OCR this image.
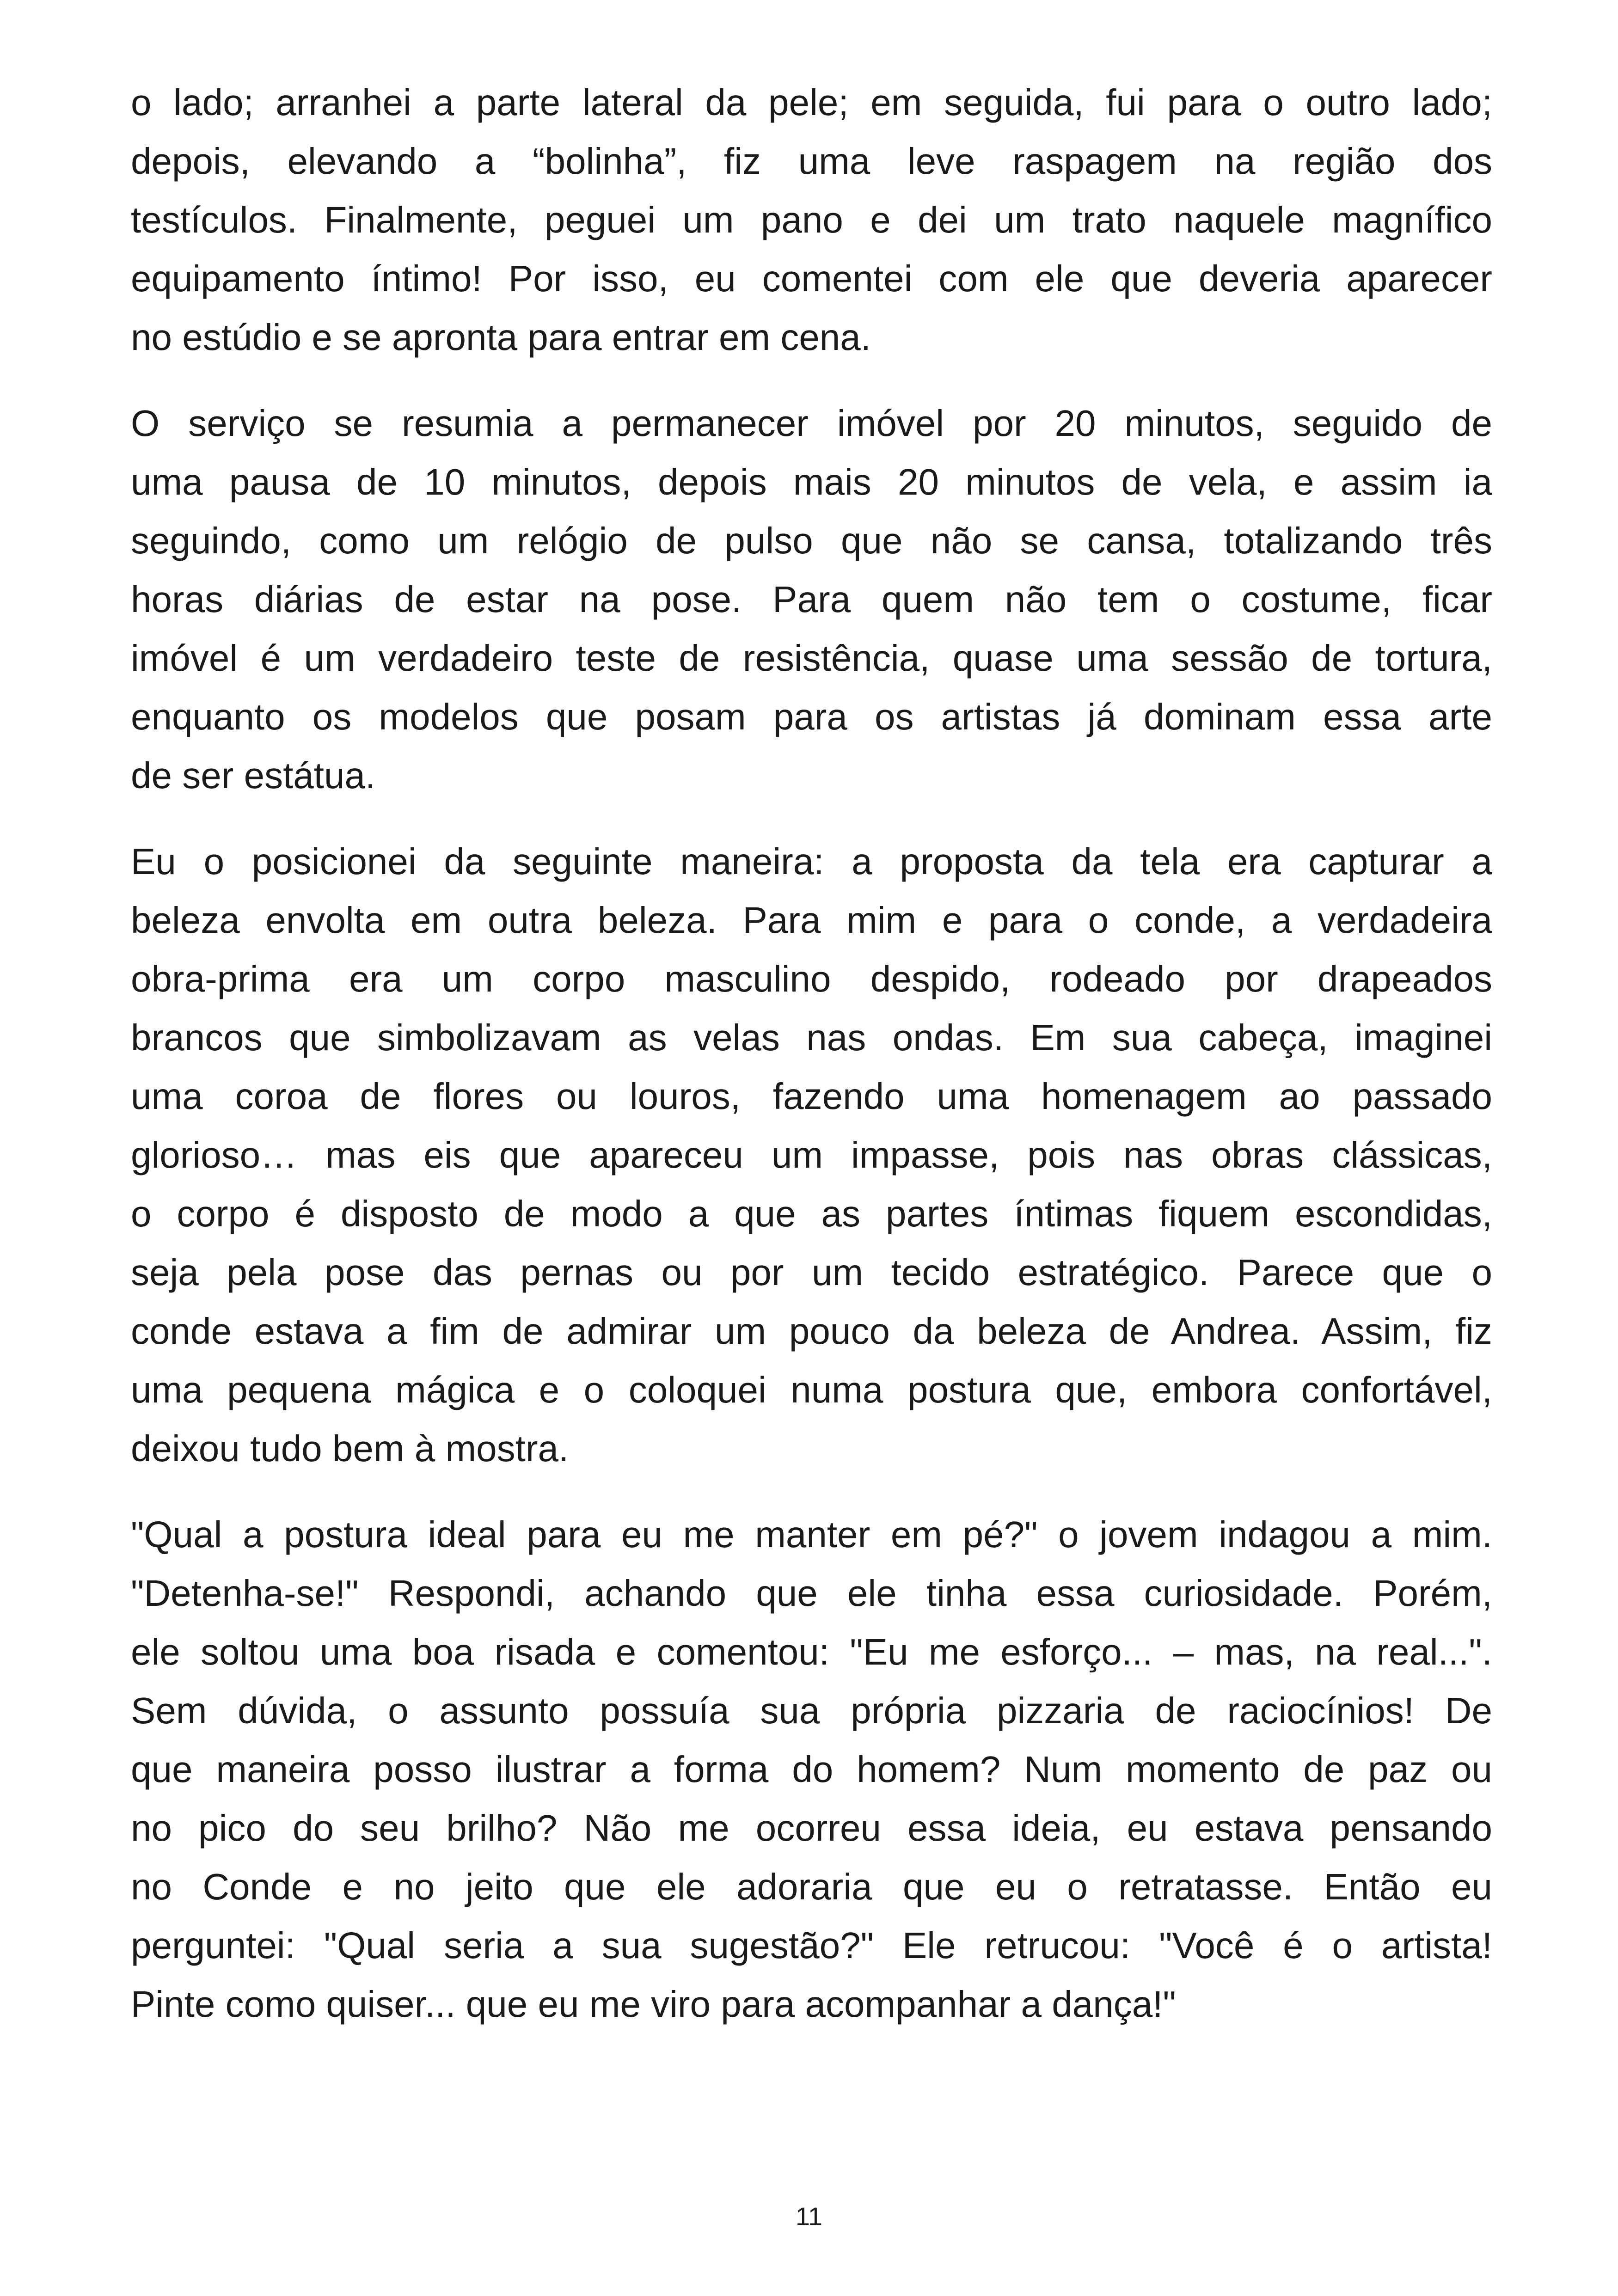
o lado; arranhei a parte lateral da pele; em seguida, fui para o outro lado;
depois, elevando a “bolinha”, fiz uma leve raspagem na região dos
testículos. Finalmente, peguei um pano e dei um trato naquele magnífico
equipamento íntimo! Por isso, eu comentei com ele que deveria aparecer
no estúdio e se apronta para entrar em cena.

O serviço se resumia a permanecer imóvel por 20 minutos, seguido de
uma pausa de 10 minutos, depois mais 20 minutos de vela, e assim ia
seguindo, como um relógio de pulso que não se cansa, totalizando três
horas diárias de estar na pose. Para quem não tem o costume, ficar
imóvel é um verdadeiro teste de resistência, quase uma sessão de tortura,
enquanto os modelos que posam para os artistas já dominam essa arte
de ser estátua.

Eu o posicionei da seguinte maneira: a proposta da tela era capturar a
beleza envolta em outra beleza. Para mim e para o conde, a verdadeira
obra-prima era um corpo masculino despido, rodeado por drapeados
brancos que simbolizavam as velas nas ondas. Em sua cabeça, imaginei
uma coroa de flores ou louros, fazendo uma homenagem ao passado
glorioso… mas eis que apareceu um impasse, pois nas obras clássicas,
o corpo é disposto de modo a que as partes íntimas fiquem escondidas,
seja pela pose das pernas ou por um tecido estratégico. Parece que o
conde estava a fim de admirar um pouco da beleza de Andrea. Assim, fiz
uma pequena mágica e o coloquei numa postura que, embora confortável,
deixou tudo bem à mostra.

"Qual a postura ideal para eu me manter em pé?" o jovem indagou a mim.
"Detenha-se!" Respondi, achando que ele tinha essa curiosidade. Porém,
ele soltou uma boa risada e comentou: "Eu me esforço... – mas, na real...".
Sem dúvida, o assunto possuía sua própria pizzaria de raciocínios! De
que maneira posso ilustrar a forma do homem? Num momento de paz ou
no pico do seu brilho? Não me ocorreu essa ideia, eu estava pensando
no Conde e no jeito que ele adoraria que eu o retratasse. Então eu
perguntei: "Qual seria a sua sugestão?" Ele retrucou: "Você é o artista!
Pinte como quiser... que eu me viro para acompanhar a dança!"

11
